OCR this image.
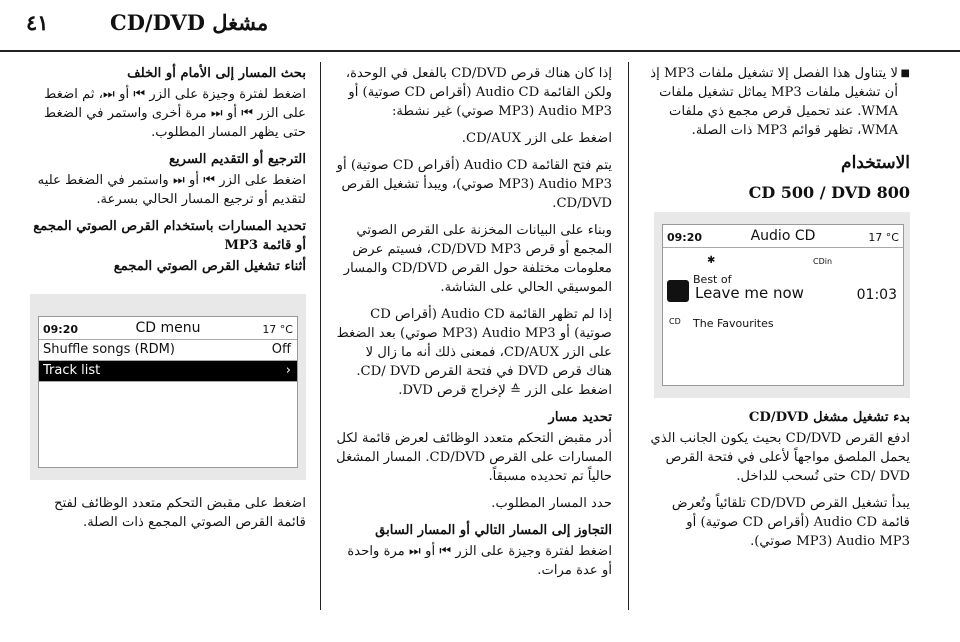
CD/DVD مشغل
٤١

■ لا يتناول هذا الفصل إلا تشغيل ملفات MP3 إذ أن تشغيل ملفات MP3 يماثل تشغيل ملفات WMA. عند تحميل قرص مجمع ذي ملفات WMA، تظهر قوائم MP3 ذات الصلة.

الاستخدام
CD 500 / DVD 800
09:20	Audio CD	17 °C
✱	CDin
Best of
Leave me now	01:03
CD The Favourites

بدء تشغيل مشغل CD/DVD

ادفع القرص CD/DVD بحيث يكون الجانب الذي يحمل الملصق مواجهاً لأعلى في فتحة القرص CD/ DVD حتى تُسحب للداخل.

يبدأ تشغيل القرص CD/DVD تلقائياً وتُعرض قائمة Audio CD (أقراص CD صوتية) أو Audio MP3 (MP3 صوتي).

إذا كان هناك قرص CD/DVD بالفعل في الوحدة، ولكن القائمة Audio CD (أقراص CD صوتية) أو Audio MP3 (MP3 صوتي) غير نشطة:

اضغط على الزر CD/AUX.

يتم فتح القائمة Audio CD (أقراص CD صوتية) أو Audio MP3 (MP3 صوتي)، ويبدأ تشغيل القرص CD/DVD.

وبناء على البيانات المخزنة على القرص الصوتي المجمع أو قرص CD/DVD MP3، فسيتم عرض معلومات مختلفة حول القرص CD/DVD والمسار الموسيقي الحالي على الشاشة.

إذا لم تظهر القائمة Audio CD (أقراص CD صوتية) أو Audio MP3 (MP3 صوتي) بعد الضغط على الزر CD/AUX، فمعنى ذلك أنه ما زال لا هناك قرص DVD في فتحة القرص CD/ DVD. اضغط على الزر ≙ لإخراج قرص DVD.

تحديد مسار

أدر مقبض التحكم متعدد الوظائف لعرض قائمة لكل المسارات على القرص CD/DVD. المسار المشغل حالياً تم تحديده مسبقاً.

حدد المسار المطلوب.

التجاوز إلى المسار التالي أو المسار السابق

اضغط لفترة وجيزة على الزر ⏮ أو ⏭ مرة واحدة أو عدة مرات.

بحث المسار إلى الأمام أو الخلف

اضغط لفترة وجيزة على الزر ⏮ أو ⏭، ثم اضغط على الزر ⏮ أو ⏭ مرة أخرى واستمر في الضغط حتى يظهر المسار المطلوب.

الترجيع أو التقديم السريع

اضغط على الزر ⏮ أو ⏭ واستمر في الضغط عليه لتقديم أو ترجيع المسار الحالي بسرعة.

تحديد المسارات باستخدام القرص الصوتي المجمع أو قائمة MP3

أثناء تشغيل القرص الصوتي المجمع

09:20	CD menu	17 °C
Shuffle songs (RDM)	Off
Track list	›

اضغط على مقبض التحكم متعدد الوظائف لفتح قائمة القرص الصوتي المجمع ذات الصلة.
